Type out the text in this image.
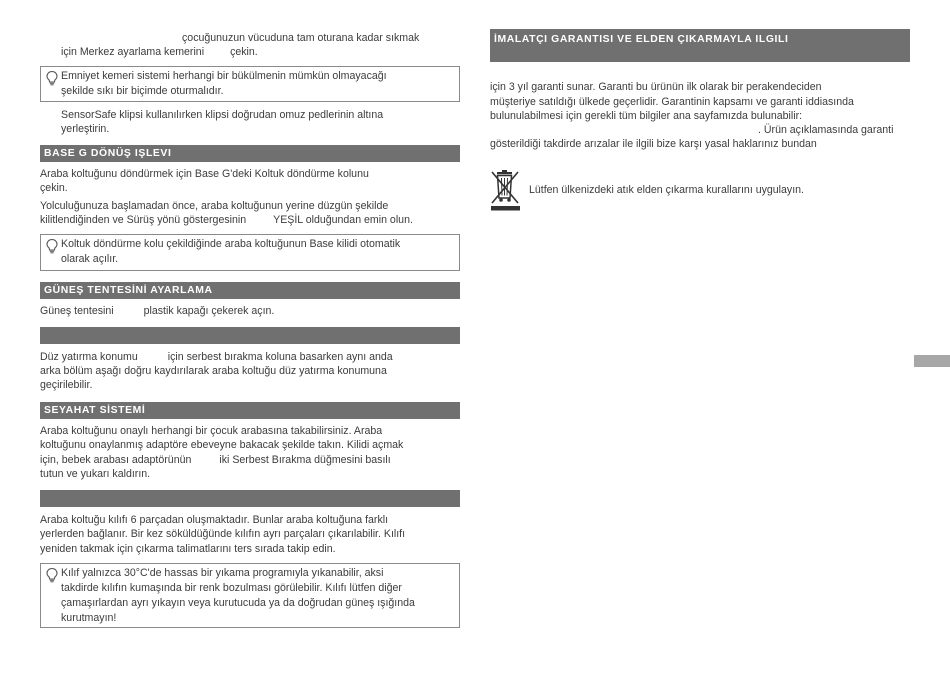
çocuğunuzun vücuduna tam oturana kadar sıkmak

için Merkez ayarlama kemerini çekin.

Emniyet kemeri sistemi herhangi bir bükülmenin mümkün olmayacağı

şekilde sıkı bir biçimde oturmalıdır.

SensorSafe klipsi kullanılırken klipsi doğrudan omuz pedlerinin altına

yerleştirin.

BASE G DÖNÜŞ IŞLEVI

Araba koltuğunu döndürmek için Base G'deki Koltuk döndürme kolunu

çekin.

Yolculuğunuza başlamadan önce, araba koltuğunun yerine düzgün şekilde

kilitlendiğinden ve Sürüş yönü göstergesinin	YEŞİL olduğundan emin olun.

Koltuk döndürme kolu çekildiğinde araba koltuğunun Base kilidi otomatik

olarak açılır.

GÜNEŞ TENTESİNİ AYARLAMA

Güneş tentesini	plastik kapağı çekerek açın.

Düz yatırma konumu	için serbest bırakma koluna basarken aynı anda

arka bölüm aşağı doğru kaydırılarak araba koltuğu düz yatırma konumuna

geçirilebilir.

SEYAHAT SİSTEMİ

Araba koltuğunu onaylı herhangi bir çocuk arabasına takabilirsiniz. Araba

koltuğunu onaylanmış adaptöre ebeveyne bakacak şekilde takın. Kilidi açmak

için, bebek arabası adaptörünün	iki Serbest Bırakma düğmesini basılı

tutun ve yukarı kaldırın.

Araba koltuğu kılıfı 6 parçadan oluşmaktadır. Bunlar araba koltuğuna farklı

yerlerden bağlanır. Bir kez söküldüğünde kılıfın ayrı parçaları çıkarılabilir. Kılıfı

yeniden takmak için çıkarma talimatlarını ters sırada takip edin.

Kılıf yalnızca 30°C'de hassas bir yıkama programıyla yıkanabilir, aksi

takdirde kılıfın kumaşında bir renk bozulması görülebilir. Kılıfı lütfen diğer

çamaşırlardan ayrı yıkayın veya kurutucuda ya da doğrudan güneş ışığında

kurutmayın!

İMALATÇI GARANTISI VE ELDEN ÇIKARMAYLA ILGILI

için 3 yıl garanti sunar. Garanti bu ürünün ilk olarak bir perakendeciden

müşteriye satıldığı ülkede geçerlidir. Garantinin kapsamı ve garanti iddiasında

bulunulabilmesi için gerekli tüm bilgiler ana sayfamızda bulunabilir:

. Ürün açıklamasında garanti

gösterildiği takdirde arızalar ile ilgili bize karşı yasal haklarınız bundan

Lütfen ülkenizdeki atık elden çıkarma kurallarını uygulayın.
